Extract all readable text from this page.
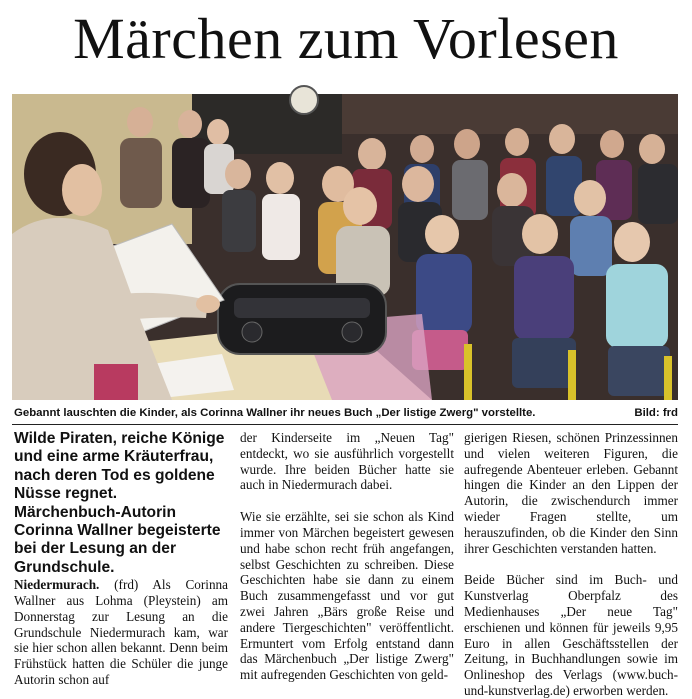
Märchen zum Vorlesen
Gebannt lauschten die Kinder, als Corinna Wallner ihr neues Buch „Der listige Zwerg" vorstellte.	Bild: frd

Wilde Piraten, reiche Könige und eine arme Kräuterfrau, nach deren Tod es goldene Nüsse regnet. Märchenbuch-Autorin Corinna Wallner begeisterte bei der Lesung an der Grundschule.

Niedermurach. (frd) Als Corinna Wallner aus Lohma (Pleystein) am Donnerstag zur Lesung an die Grundschule Niedermurach kam, war sie hier schon allen bekannt. Denn beim Frühstück hatten die Schüler die junge Autorin schon auf

der Kinderseite im „Neuen Tag" entdeckt, wo sie ausführlich vorgestellt wurde. Ihre beiden Bücher hatte sie auch in Niedermurach dabei.

Wie sie erzählte, sei sie schon als Kind immer von Märchen begeistert gewesen und habe schon recht früh angefangen, selbst Geschichten zu schreiben. Diese Geschichten habe sie dann zu einem Buch zusammengefasst und vor gut zwei Jahren „Bärs große Reise und andere Tiergeschichten" veröffentlicht. Ermuntert vom Erfolg entstand dann das Märchenbuch „Der listige Zwerg" mit aufregenden Geschichten von geld-

gierigen Riesen, schönen Prinzessinnen und vielen weiteren Figuren, die aufregende Abenteuer erleben. Gebannt hingen die Kinder an den Lippen der Autorin, die zwischendurch immer wieder Fragen stellte, um herauszufinden, ob die Kinder den Sinn ihrer Geschichten verstanden hatten.

Beide Bücher sind im Buch- und Kunstverlag Oberpfalz des Medienhauses „Der neue Tag" erschienen und können für jeweils 9,95 Euro in allen Geschäftsstellen der Zeitung, in Buchhandlungen sowie im Onlineshop des Verlags (www.buch-und-kunstverlag.de) erworben werden.
